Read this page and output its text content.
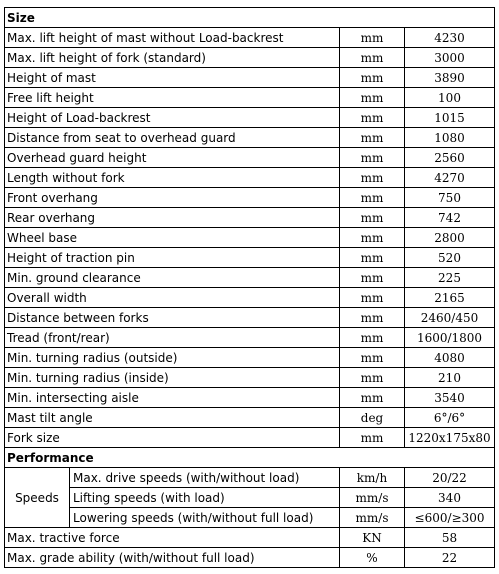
Size			
Max. lift height of mast without Load-backrest		mm	4230
Max. lift height of fork (standard)		mm	3000
Height of mast		mm	3890
Free lift height		mm	100
Height of Load-backrest		mm	1015
Distance from seat to overhead guard		mm	1080
Overhead guard height		mm	2560
Length without fork		mm	4270
Front overhang		mm	750
Rear overhang		mm	742
Wheel base		mm	2800
Height of traction pin		mm	520
Min. ground clearance		mm	225
Overall width		mm	2165
Distance between forks		mm	2460/450
Tread (front/rear)		mm	1600/1800
Min. turning radius (outside)		mm	4080
Min. turning radius (inside)		mm	210
Min. intersecting aisle		mm	3540
Mast tilt angle		deg	6°/6°
Fork size		mm	1220x175x80
Performance			
Speeds	Max. drive speeds (with/without load)	km/h	20/22
	Lifting speeds (with load)	mm/s	340
	Lowering speeds (with/without full load)	mm/s	≤600/≥300
Max. tractive force		KN	58
Max. grade ability (with/without full load)		%	22
